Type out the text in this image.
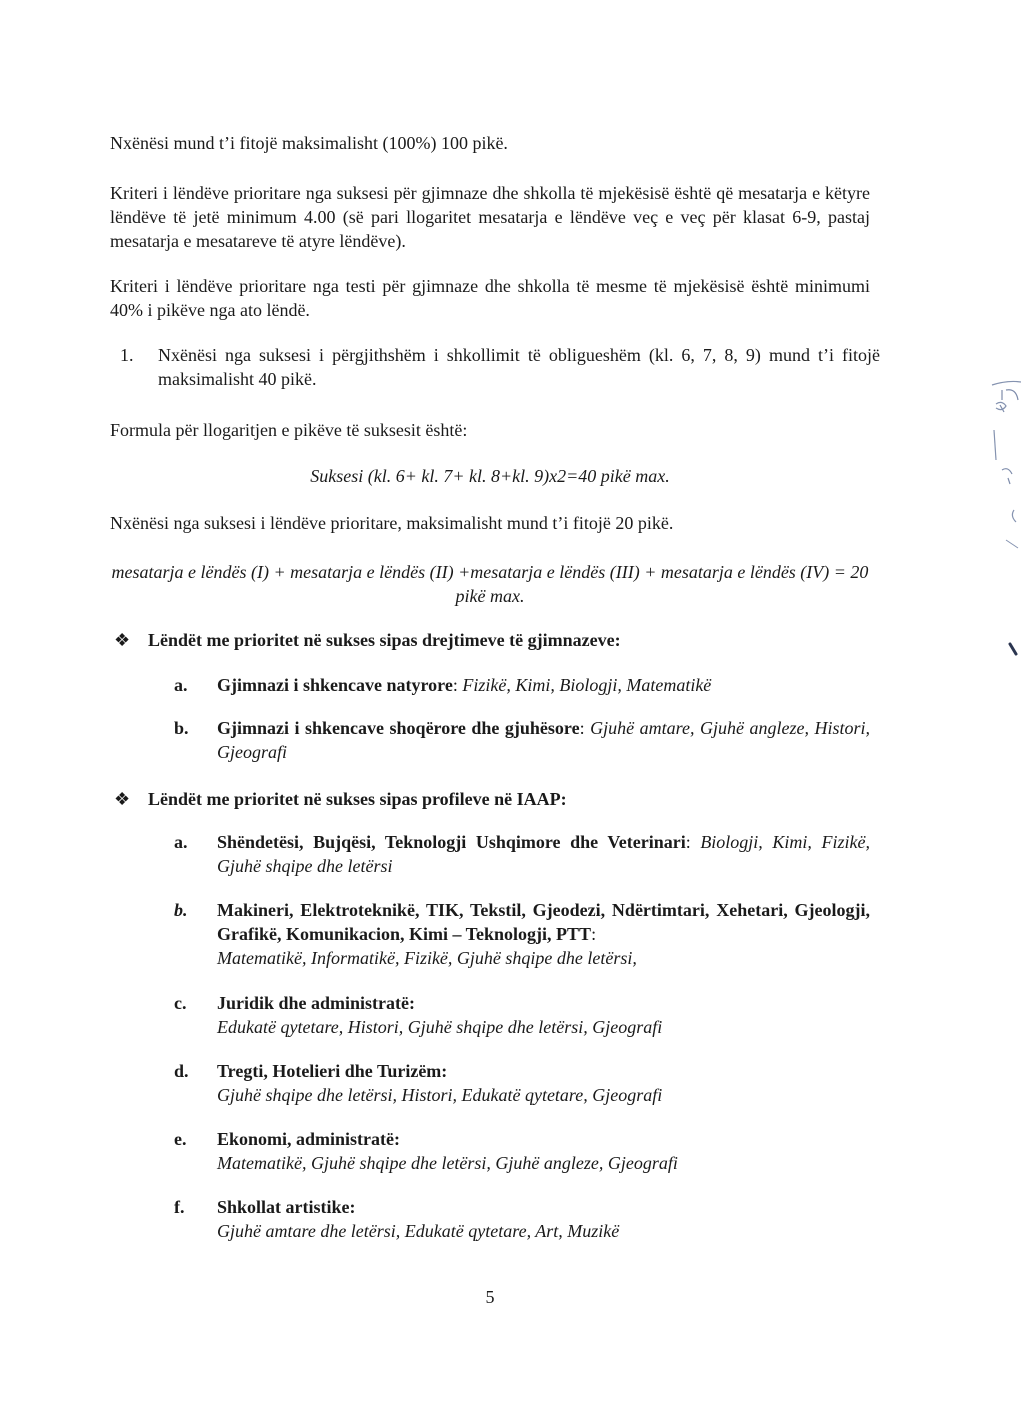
Nxënësi mund t’i fitojë maksimalisht (100%) 100 pikë.

Kriteri i lëndëve prioritare nga suksesi për gjimnaze dhe shkolla të mjekësisë është që mesatarja e këtyre lëndëve të jetë minimum 4.00 (së pari llogaritet mesatarja e lëndëve veç e veç për klasat 6-9, pastaj mesatarja e mesatareve të atyre lëndëve).

Kriteri i lëndëve prioritare nga testi për gjimnaze dhe shkolla të mesme të mjekësisë është minimumi 40% i pikëve nga ato lëndë.

1.	Nxënësi nga suksesi i përgjithshëm i shkollimit të obligueshëm (kl. 6, 7, 8, 9) mund t’i fitojë maksimalisht 40 pikë.

Formula për llogaritjen e pikëve të suksesit është:

Suksesi (kl. 6+ kl. 7+ kl. 8+kl. 9)x2=40 pikë max.

Nxënësi nga suksesi i lëndëve prioritare, maksimalisht mund t’i fitojë 20 pikë.

mesatarja e lëndës (I) + mesatarja e lëndës (II) +mesatarja e lëndës (III) + mesatarja e lëndës (IV) = 20 pikë max.

❖ Lëndët me prioritet në sukses sipas drejtimeve të gjimnazeve:
a.	Gjimnazi i shkencave natyrore: Fizikë, Kimi, Biologji, Matematikë
b.	Gjimnazi i shkencave shoqërore dhe gjuhësore: Gjuhë amtare, Gjuhë angleze, Histori, Gjeografi
❖ Lëndët me prioritet në sukses sipas profileve në IAAP:
a.	Shëndetësi, Bujqësi, Teknologji Ushqimore dhe Veterinari: Biologji, Kimi, Fizikë, Gjuhë shqipe dhe letërsi
b.	Makineri, Elektroteknikë, TIK, Tekstil, Gjeodezi, Ndërtimtari, Xehetari, Gjeologji, Grafikë, Komunikacion, Kimi – Teknologji, PTT:
Matematikë, Informatikë, Fizikë, Gjuhë shqipe dhe letërsi,
c.	Juridik dhe administratë:
Edukatë qytetare, Histori, Gjuhë shqipe dhe letërsi, Gjeografi
d.	Tregti, Hotelieri dhe Turizëm:
Gjuhë shqipe dhe letërsi, Histori, Edukatë qytetare, Gjeografi
e.	Ekonomi, administratë:
Matematikë, Gjuhë shqipe dhe letërsi, Gjuhë angleze, Gjeografi
f.	Shkollat artistike:
Gjuhë amtare dhe letërsi, Edukatë qytetare, Art, Muzikë
5
